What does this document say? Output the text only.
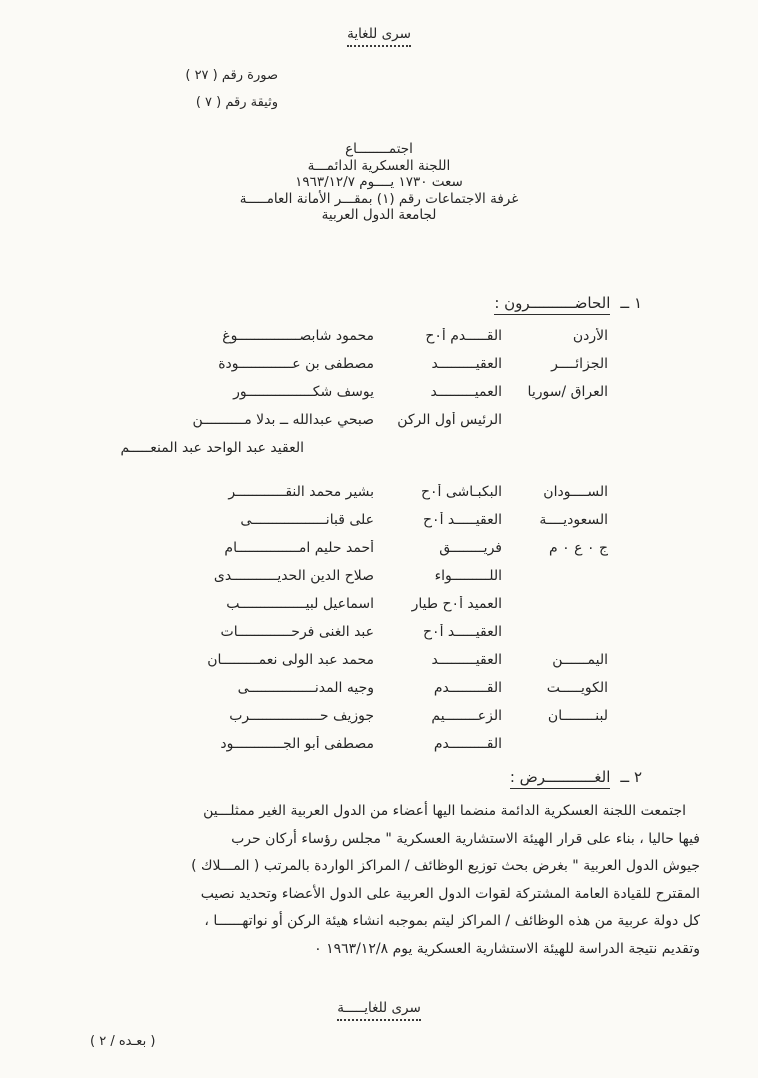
سرى للغاية
صورة رقم ( ٢٧ )
وثيقة رقم ( ٧ )
اجتمــــــــاع
اللجنة العسكرية الدائمـــة
سعت ١٧٣٠ يــــوم ١٩٦٣/١٢/٧
غرفة الاجتماعات رقم (١) بمقـــر الأمانة العامـــــة
لجامعة الدول العربية
١ ــالحاضــــــــــرون :
الأردن
القـــــدم أ٠ح
محمود شابصـــــــــــــــوغ
الجزائــــر
العقيـــــــــد
مصطفى بن عـــــــــــــودة
العراق /سوريا
العميـــــــــد
يوسف شكــــــــــــــــور
الرئيس أول الركن
صبحي عبدالله ــ بدلا مــــــــــن
العقيد عبد الواحد عبد المنعـــــم
الســــودان
البكبـاشى أ٠ح
بشير محمد النقــــــــــــر
السعوديــــة
العقيـــــد أ٠ح
على قبانــــــــــــــــــى
ج ٠ ع ٠ م
فريــــــــق
أحمد حليم امـــــــــــــــام
اللـــــــــواء
صلاح الدين الحديـــــــــــدى
العميد أ٠ح طيار
اسماعيل لبيــــــــــــــــب
العقيـــــد أ٠ح
عبد الغنى فرحـــــــــــــات
اليمــــــن
العقيـــــــــد
محمد عبد الولى نعمـــــــــان
الكويـــــت
القـــــــــدم
وجيه المدنــــــــــــــــى
لبنــــــــان
الزعــــــــيم
جوزيف حـــــــــــــــــرب
القـــــــــدم
مصطفى أبو الجــــــــــــود
٢ ــالغـــــــــــرض :
اجتمعت اللجنة العسكرية الدائمة منضما اليها أعضاء من الدول العربية الغير ممثلـــين
فيها حاليا ، بناء على قرار الهيئة الاستشارية العسكرية " مجلس رؤساء أركان حرب
جيوش الدول العربية " بغرض بحث توزيع الوظائف / المراكز الواردة بالمرتب ( المـــلاك )
المقترح للقيادة العامة المشتركة لقوات الدول العربية على الدول الأعضاء وتحديد نصيب
كل دولة عربية من هذه الوظائف / المراكز ليتم بموجبه انشاء هيئة الركن أو نواتهــــــا ،
وتقديم نتيجة الدراسة للهيئة الاستشارية العسكرية يوم ١٩٦٣/١٢/٨ ٠
سرى للغايـــــة
( بعـده / ٢ )
